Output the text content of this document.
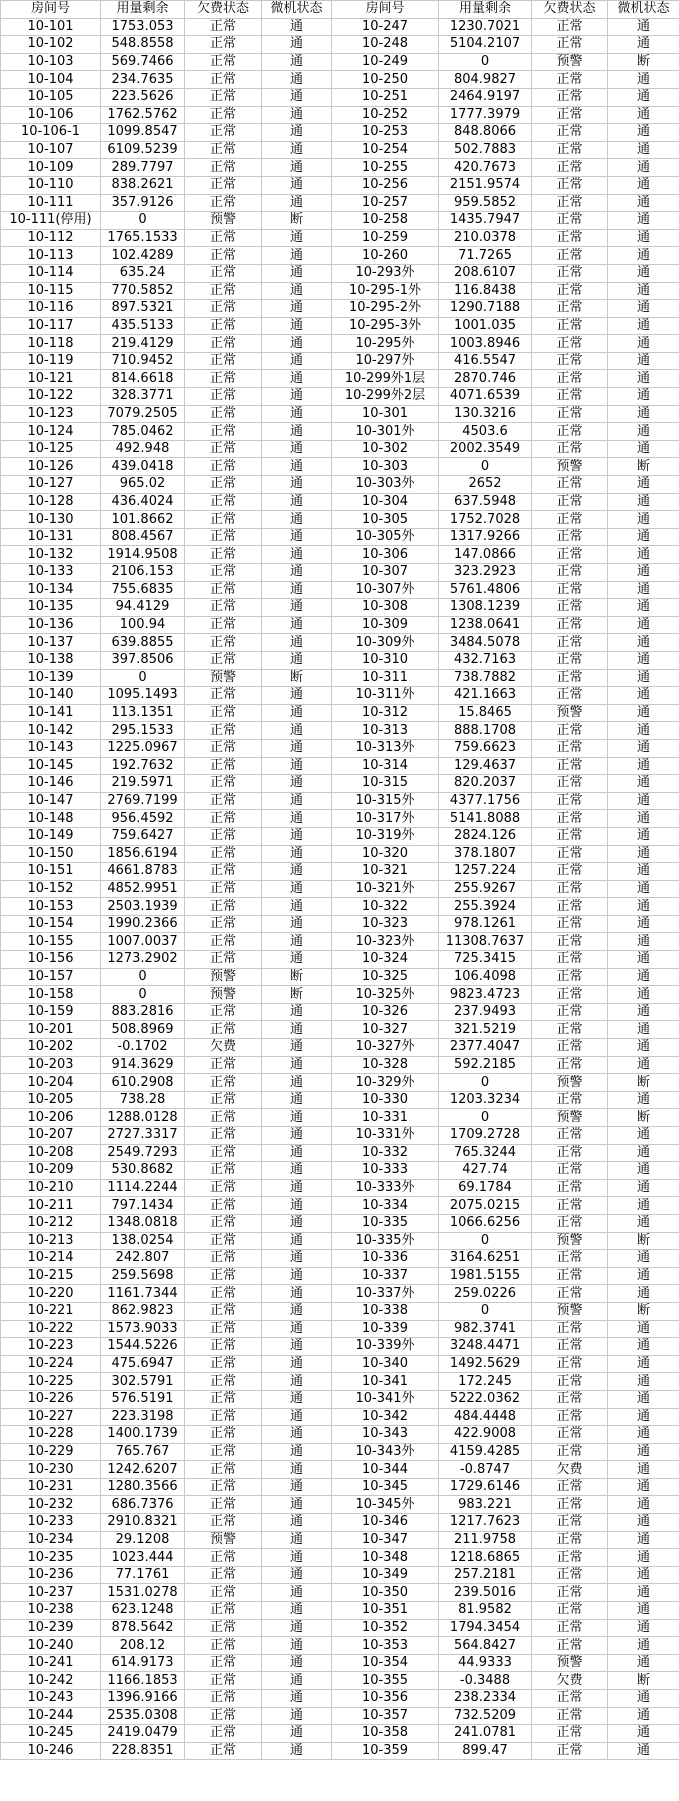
房间号	用量剩余	欠费状态	微机状态	房间号	用量剩余	欠费状态	微机状态
10-101	1753.053	正常	通	10-247	1230.7021	正常	通
10-102	548.8558	正常	通	10-248	5104.2107	正常	通
10-103	569.7466	正常	通	10-249	0	预警	断
10-104	234.7635	正常	通	10-250	804.9827	正常	通
10-105	223.5626	正常	通	10-251	2464.9197	正常	通
10-106	1762.5762	正常	通	10-252	1777.3979	正常	通
10-106-1	1099.8547	正常	通	10-253	848.8066	正常	通
10-107	6109.5239	正常	通	10-254	502.7883	正常	通
10-109	289.7797	正常	通	10-255	420.7673	正常	通
10-110	838.2621	正常	通	10-256	2151.9574	正常	通
10-111	357.9126	正常	通	10-257	959.5852	正常	通
10-111(停用)	0	预警	断	10-258	1435.7947	正常	通
10-112	1765.1533	正常	通	10-259	210.0378	正常	通
10-113	102.4289	正常	通	10-260	71.7265	正常	通
10-114	635.24	正常	通	10-293外	208.6107	正常	通
10-115	770.5852	正常	通	10-295-1外	116.8438	正常	通
10-116	897.5321	正常	通	10-295-2外	1290.7188	正常	通
10-117	435.5133	正常	通	10-295-3外	1001.035	正常	通
10-118	219.4129	正常	通	10-295外	1003.8946	正常	通
10-119	710.9452	正常	通	10-297外	416.5547	正常	通
10-121	814.6618	正常	通	10-299外1层	2870.746	正常	通
10-122	328.3771	正常	通	10-299外2层	4071.6539	正常	通
10-123	7079.2505	正常	通	10-301	130.3216	正常	通
10-124	785.0462	正常	通	10-301外	4503.6	正常	通
10-125	492.948	正常	通	10-302	2002.3549	正常	通
10-126	439.0418	正常	通	10-303	0	预警	断
10-127	965.02	正常	通	10-303外	2652	正常	通
10-128	436.4024	正常	通	10-304	637.5948	正常	通
10-130	101.8662	正常	通	10-305	1752.7028	正常	通
10-131	808.4567	正常	通	10-305外	1317.9266	正常	通
10-132	1914.9508	正常	通	10-306	147.0866	正常	通
10-133	2106.153	正常	通	10-307	323.2923	正常	通
10-134	755.6835	正常	通	10-307外	5761.4806	正常	通
10-135	94.4129	正常	通	10-308	1308.1239	正常	通
10-136	100.94	正常	通	10-309	1238.0641	正常	通
10-137	639.8855	正常	通	10-309外	3484.5078	正常	通
10-138	397.8506	正常	通	10-310	432.7163	正常	通
10-139	0	预警	断	10-311	738.7882	正常	通
10-140	1095.1493	正常	通	10-311外	421.1663	正常	通
10-141	113.1351	正常	通	10-312	15.8465	预警	通
10-142	295.1533	正常	通	10-313	888.1708	正常	通
10-143	1225.0967	正常	通	10-313外	759.6623	正常	通
10-145	192.7632	正常	通	10-314	129.4637	正常	通
10-146	219.5971	正常	通	10-315	820.2037	正常	通
10-147	2769.7199	正常	通	10-315外	4377.1756	正常	通
10-148	956.4592	正常	通	10-317外	5141.8088	正常	通
10-149	759.6427	正常	通	10-319外	2824.126	正常	通
10-150	1856.6194	正常	通	10-320	378.1807	正常	通
10-151	4661.8783	正常	通	10-321	1257.224	正常	通
10-152	4852.9951	正常	通	10-321外	255.9267	正常	通
10-153	2503.1939	正常	通	10-322	255.3924	正常	通
10-154	1990.2366	正常	通	10-323	978.1261	正常	通
10-155	1007.0037	正常	通	10-323外	11308.7637	正常	通
10-156	1273.2902	正常	通	10-324	725.3415	正常	通
10-157	0	预警	断	10-325	106.4098	正常	通
10-158	0	预警	断	10-325外	9823.4723	正常	通
10-159	883.2816	正常	通	10-326	237.9493	正常	通
10-201	508.8969	正常	通	10-327	321.5219	正常	通
10-202	-0.1702	欠费	通	10-327外	2377.4047	正常	通
10-203	914.3629	正常	通	10-328	592.2185	正常	通
10-204	610.2908	正常	通	10-329外	0	预警	断
10-205	738.28	正常	通	10-330	1203.3234	正常	通
10-206	1288.0128	正常	通	10-331	0	预警	断
10-207	2727.3317	正常	通	10-331外	1709.2728	正常	通
10-208	2549.7293	正常	通	10-332	765.3244	正常	通
10-209	530.8682	正常	通	10-333	427.74	正常	通
10-210	1114.2244	正常	通	10-333外	69.1784	正常	通
10-211	797.1434	正常	通	10-334	2075.0215	正常	通
10-212	1348.0818	正常	通	10-335	1066.6256	正常	通
10-213	138.0254	正常	通	10-335外	0	预警	断
10-214	242.807	正常	通	10-336	3164.6251	正常	通
10-215	259.5698	正常	通	10-337	1981.5155	正常	通
10-220	1161.7344	正常	通	10-337外	259.0226	正常	通
10-221	862.9823	正常	通	10-338	0	预警	断
10-222	1573.9033	正常	通	10-339	982.3741	正常	通
10-223	1544.5226	正常	通	10-339外	3248.4471	正常	通
10-224	475.6947	正常	通	10-340	1492.5629	正常	通
10-225	302.5791	正常	通	10-341	172.245	正常	通
10-226	576.5191	正常	通	10-341外	5222.0362	正常	通
10-227	223.3198	正常	通	10-342	484.4448	正常	通
10-228	1400.1739	正常	通	10-343	422.9008	正常	通
10-229	765.767	正常	通	10-343外	4159.4285	正常	通
10-230	1242.6207	正常	通	10-344	-0.8747	欠费	通
10-231	1280.3566	正常	通	10-345	1729.6146	正常	通
10-232	686.7376	正常	通	10-345外	983.221	正常	通
10-233	2910.8321	正常	通	10-346	1217.7623	正常	通
10-234	29.1208	预警	通	10-347	211.9758	正常	通
10-235	1023.444	正常	通	10-348	1218.6865	正常	通
10-236	77.1761	正常	通	10-349	257.2181	正常	通
10-237	1531.0278	正常	通	10-350	239.5016	正常	通
10-238	623.1248	正常	通	10-351	81.9582	正常	通
10-239	878.5642	正常	通	10-352	1794.3454	正常	通
10-240	208.12	正常	通	10-353	564.8427	正常	通
10-241	614.9173	正常	通	10-354	44.9333	预警	通
10-242	1166.1853	正常	通	10-355	-0.3488	欠费	断
10-243	1396.9166	正常	通	10-356	238.2334	正常	通
10-244	2535.0308	正常	通	10-357	732.5209	正常	通
10-245	2419.0479	正常	通	10-358	241.0781	正常	通
10-246	228.8351	正常	通	10-359	899.47	正常	通
